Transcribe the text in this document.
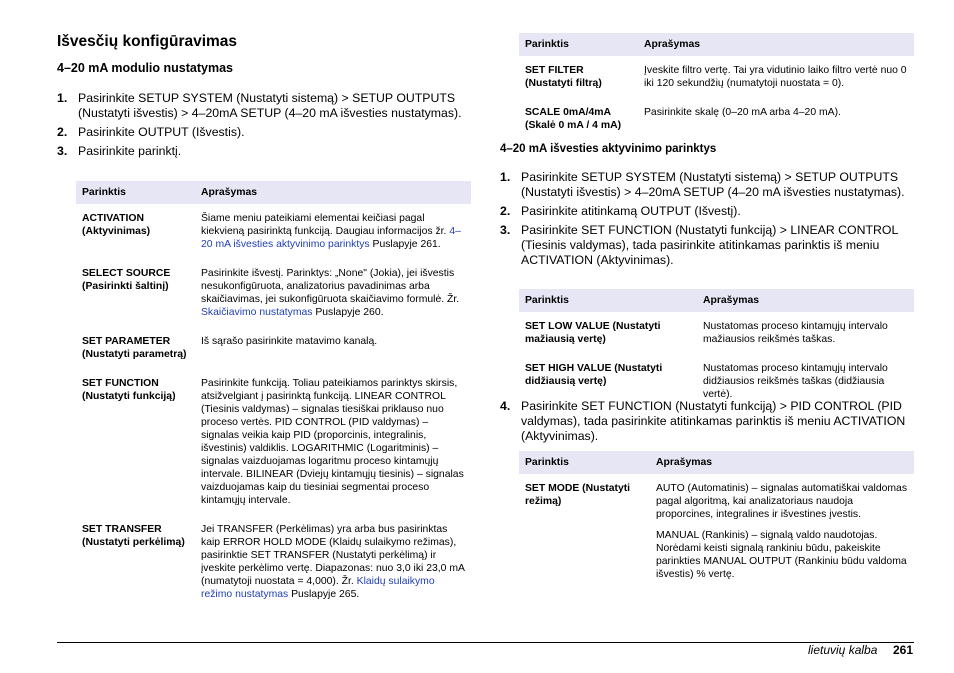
Išvesčių konfigūravimas
4–20 mA modulio nustatymas
1. Pasirinkite SETUP SYSTEM (Nustatyti sistemą) > SETUP OUTPUTS (Nustatyti išvestis) > 4–20mA SETUP (4–20 mA išvesties nustatymas).
2. Pasirinkite OUTPUT (Išvestis).
3. Pasirinkite parinktį.
Parinktis	Aprašymas
ACTIVATION (Aktyvinimas)	Šiame meniu pateikiami elementai keičiasi pagal kiekvieną pasirinktą funkciją. Daugiau informacijos žr. 4–20 mA išvesties aktyvinimo parinktys Puslapyje 261.
SELECT SOURCE (Pasirinkti šaltinį)	Pasirinkite išvestį. Parinktys: „None" (Jokia), jei išvestis nesukonfigūruota, analizatorius pavadinimas arba skaičiavimas, jei sukonfigūruota skaičiavimo formulė. Žr. Skaičiavimo nustatymas Puslapyje 260.
SET PARAMETER (Nustatyti parametrą)	Iš sąrašo pasirinkite matavimo kanalą.
SET FUNCTION (Nustatyti funkciją)	Pasirinkite funkciją. Toliau pateikiamos parinktys skirsis, atsižvelgiant į pasirinktą funkciją. LINEAR CONTROL (Tiesinis valdymas) – signalas tiesiškai priklauso nuo proceso vertės. PID CONTROL (PID valdymas) – signalas veikia kaip PID (proporcinis, integralinis, išvestinis) valdiklis. LOGARITHMIC (Logaritminis) – signalas vaizduojamas logaritmu proceso kintamųjų intervale. BILINEAR (Dviejų kintamųjų tiesinis) – signalas vaizduojamas kaip du tiesiniai segmentai proceso kintamųjų intervale.
SET TRANSFER (Nustatyti perkėlimą)	Jei TRANSFER (Perkėlimas) yra arba bus pasirinktas kaip ERROR HOLD MODE (Klaidų sulaikymo režimas), pasirinktie SET TRANSFER (Nustatyti perkėlimą) ir įveskite perkėlimo vertę. Diapazonas: nuo 3,0 iki 23,0 mA (numatytoji nuostata = 4,000). Žr. Klaidų sulaikymo režimo nustatymas Puslapyje 265.
Parinktis	Aprašymas
SET FILTER (Nustatyti filtrą)	Įveskite filtro vertę. Tai yra vidutinio laiko filtro vertė nuo 0 iki 120 sekundžių (numatytoji nuostata = 0).
SCALE 0mA/4mA (Skalė 0 mA / 4 mA)	Pasirinkite skalę (0–20 mA arba 4–20 mA).
4–20 mA išvesties aktyvinimo parinktys
1. Pasirinkite SETUP SYSTEM (Nustatyti sistemą) > SETUP OUTPUTS (Nustatyti išvestis) > 4–20mA SETUP (4–20 mA išvesties nustatymas).
2. Pasirinkite atitinkamą OUTPUT (Išvestį).
3. Pasirinkite SET FUNCTION (Nustatyti funkciją) > LINEAR CONTROL (Tiesinis valdymas), tada pasirinkite atitinkamas parinktis iš meniu ACTIVATION (Aktyvinimas).
Parinktis	Aprašymas
SET LOW VALUE (Nustatyti mažiausią vertę)	Nustatomas proceso kintamųjų intervalo mažiausios reikšmės taškas.
SET HIGH VALUE (Nustatyti didžiausią vertę)	Nustatomas proceso kintamųjų intervalo didžiausios reikšmės taškas (didžiausia vertė).
4. Pasirinkite SET FUNCTION (Nustatyti funkciją) > PID CONTROL (PID valdymas), tada pasirinkite atitinkamas parinktis iš meniu ACTIVATION (Aktyvinimas).
Parinktis	Aprašymas
SET MODE (Nustatyti režimą)	AUTO (Automatinis) – signalas automatiškai valdomas pagal algoritmą, kai analizatoriaus naudoja proporcines, integralines ir išvestines įvestis.

MANUAL (Rankinis) – signalą valdo naudotojas. Norėdami keisti signalą rankiniu būdu, pakeiskite parinkties MANUAL OUTPUT (Rankiniu būdu valdoma išvestis) % vertę.

lietuvių kalba 261
